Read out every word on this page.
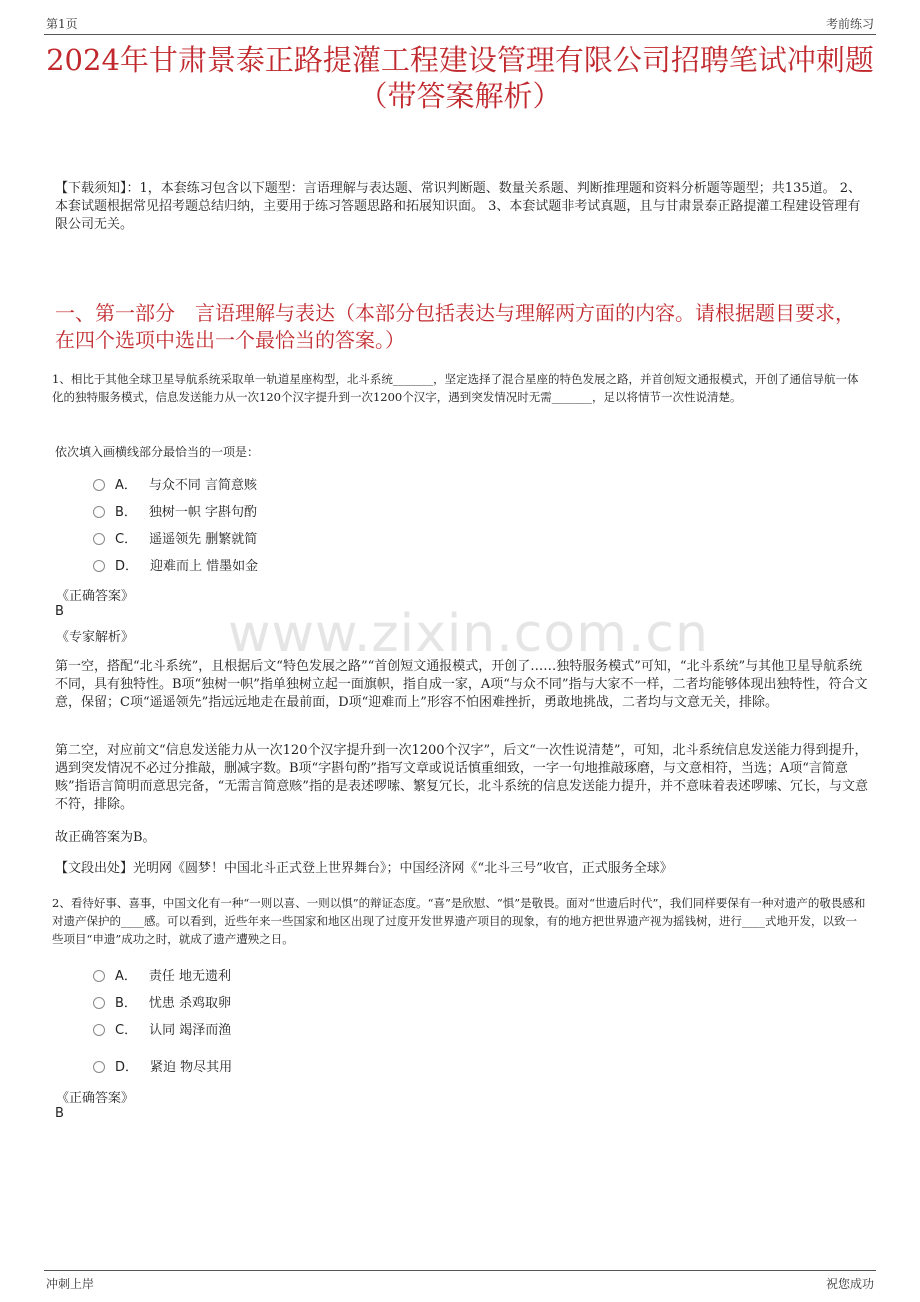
第1页	考前练习
2024年甘肃景泰正路提灌工程建设管理有限公司招聘笔试冲刺题（带答案解析）
【下载须知】：1，本套练习包含以下题型：言语理解与表达题、常识判断题、数量关系题、判断推理题和资料分析题等题型；共135道。 2、本套试题根据常见招考题总结归纳，主要用于练习答题思路和拓展知识面。 3、本套试题非考试真题，且与甘肃景泰正路提灌工程建设管理有限公司无关。
一、第一部分　言语理解与表达（本部分包括表达与理解两方面的内容。请根据题目要求，在四个选项中选出一个最恰当的答案。）
1、相比于其他全球卫星导航系统采取单一轨道星座构型，北斗系统_______，坚定选择了混合星座的特色发展之路，并首创短文通报模式，开创了通信导航一体化的独特服务模式，信息发送能力从一次120个汉字提升到一次1200个汉字，遇到突发情况时无需_______，足以将情节一次性说清楚。
依次填入画横线部分最恰当的一项是：
A． 与众不同 言简意赅
B． 独树一帜 字斟句酌
C． 遥遥领先 删繁就简
D． 迎难而上 惜墨如金
《正确答案》
B
《专家解析》 www.zixin.com.cn
第一空，搭配“北斗系统”，且根据后文“特色发展之路”“首创短文通报模式，开创了……独特服务模式”可知，“北斗系统”与其他卫星导航系统不同，具有独特性。B项“独树一帜”指单独树立起一面旗帜，指自成一家，A项“与众不同”指与大家不一样，二者均能够体现出独特性，符合文意，保留；C项“遥遥领先”指远远地走在最前面，D项“迎难而上”形容不怕困难挫折，勇敢地挑战，二者均与文意无关，排除。
第二空，对应前文“信息发送能力从一次120个汉字提升到一次1200个汉字”，后文“一次性说清楚”，可知，北斗系统信息发送能力得到提升，遇到突发情况不必过分推敲，删减字数。B项“字斟句酌”指写文章或说话慎重细致，一字一句地推敲琢磨，与文意相符，当选；A项“言简意赅”指语言简明而意思完备，“无需言简意赅”指的是表述啰嗦、繁复冗长，北斗系统的信息发送能力提升，并不意味着表述啰嗦、冗长，与文意不符，排除。
故正确答案为B。
【文段出处】光明网《圆梦！中国北斗正式登上世界舞台》；中国经济网《“北斗三号”收官，正式服务全球》
2、看待好事、喜事，中国文化有一种“一则以喜、一则以惧”的辩证态度。“喜”是欣慰、“惧”是敬畏。面对“世遗后时代”，我们同样要保有一种对遗产的敬畏感和对遗产保护的____感。可以看到，近些年来一些国家和地区出现了过度开发世界遗产项目的现象，有的地方把世界遗产视为摇钱树，进行____式地开发，以致一些项目“申遗”成功之时，就成了遗产遭殃之日。
A． 责任 地无遗利
B． 忧患 杀鸡取卵
C． 认同 竭泽而渔
D． 紧迫 物尽其用
《正确答案》
B
冲刺上岸	祝您成功
